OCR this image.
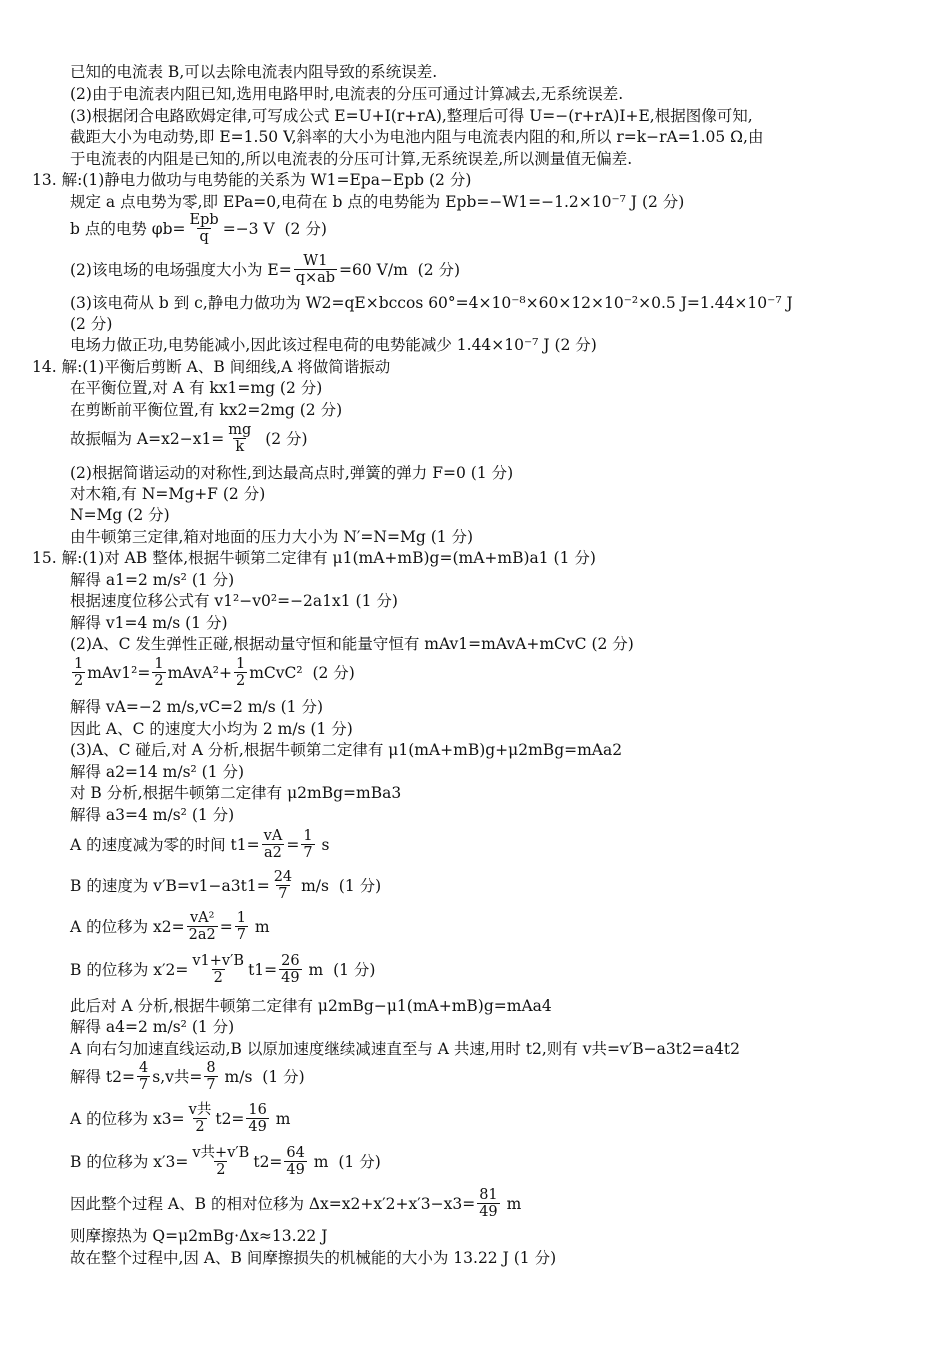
已知的电流表 B,可以去除电流表内阻导致的系统误差.
(2)由于电流表内阻已知,选用电路甲时,电流表的分压可通过计算减去,无系统误差.
(3)根据闭合电路欧姆定律,可写成公式 E=U+I(r+rA),整理后可得 U=−(r+rA)I+E,根据图像可知,
截距大小为电动势,即 E=1.50 V,斜率的大小为电池内阻与电流表内阻的和,所以 r=k−rA=1.05 Ω,由
于电流表的内阻是已知的,所以电流表的分压可计算,无系统误差,所以测量值无偏差.
13. 解:(1)静电力做功与电势能的关系为 W1=Epa−Epb (2 分)
规定 a 点电势为零,即 EPa=0,电荷在 b 点的电势能为 Epb=−W1=−1.2×10⁻⁷ J (2 分)
b 点的电势 $\varphi b= \frac{\text{Epb}}{q} =-3$ V  (2 分)
(2)该电场的电场强度大小为 $E= \frac{W1}{q\times ab} =60$ V/m  (2 分)
(3)该电荷从 b 到 c,静电力做功为 W2=qE×bccos 60°=4×10⁻⁸×60×12×10⁻²×0.5 J=1.44×10⁻⁷ J
(2 分)
电场力做正功,电势能减小,因此该过程电荷的电势能减少 1.44×10⁻⁷ J (2 分)
14. 解:(1)平衡后剪断 A、B 间细线,A 将做简谐振动
在平衡位置,对 A 有 kx1=mg (2 分)
在剪断前平衡位置,有 kx2=2mg (2 分)
故振幅为 $A=x2-x1= \frac{mg}{k} (2$ 分)
(2)根据简谐运动的对称性,到达最高点时,弹簧的弹力 F=0 (1 分)
对木箱,有 N=Mg+F (2 分)
N=Mg (2 分)
由牛顿第三定律,箱对地面的压力大小为 N′=N=Mg (1 分)
15. 解:(1)对 AB 整体,根据牛顿第二定律有 μ1(mA+mB)g=(mA+mB)a1 (1 分)
解得 a1=2 m/s² (1 分)
根据速度位移公式有 v1²−v0²=−2a1x1 (1 分)
解得 v1=4 m/s (1 分)
(2)A、C 发生弹性正碰,根据动量守恒和能量守恒有 mAv1=mAvA+mCvC (2 分)
$\frac{1}{2} mAv1^2= \frac{1}{2}$ mAvA²+ $\frac{1}{2}$ mCvC²  (2 分)
解得 vA=−2 m/s,vC=2 m/s (1 分)
因此 A、C 的速度大小均为 2 m/s (1 分)
(3)A、C 碰后,对 A 分析,根据牛顿第二定律有 μ1(mA+mB)g+μ2mBg=mAa2
解得 a2=14 m/s² (1 分)
对 B 分析,根据牛顿第二定律有 μ2mBg=mBa3
解得 a3=4 m/s² (1 分)
A 的速度减为零的时间 $t1= \frac{vA}{a2} = \frac{1}{7}$ s
B 的速度为 $v'B=v1-a3t1= \frac{24}{7} m/s$  (1 分)
A 的位移为 $x2= \frac{\text{vA²}}{2a2} = \frac{1}{7}$ m
B 的位移为 $x'2= \frac{v1+v'B}{2} t1= \frac{26}{49}$ m  (1 分)
此后对 A 分析,根据牛顿第二定律有 μ2mBg−μ1(mA+mB)g=mAa4
解得 a4=2 m/s² (1 分)
A 向右匀加速直线运动,B 以原加速度继续减速直至与 A 共速,用时 t2,则有 v共=v′B−a3t2=a4t2
解得 $t2= \frac{4}{7} s,v$共= $\frac{8}{7} m/s$  (1 分)
A 的位移为 $x3= \frac{\text{v共}}{2} t2= \frac{16}{49}$ m
B 的位移为 $x'3= \frac{\text{v共+v′B}}{2} t2= \frac{64}{49}$ m  (1 分)
因此整个过程 A、B 的相对位移为 $\Delta x=x2+x'2+x'3-x3= \frac{81}{49}$ m
则摩擦热为 Q=μ2mBg·Δx≈13.22 J
故在整个过程中,因 A、B 间摩擦损失的机械能的大小为 13.22 J (1 分)
